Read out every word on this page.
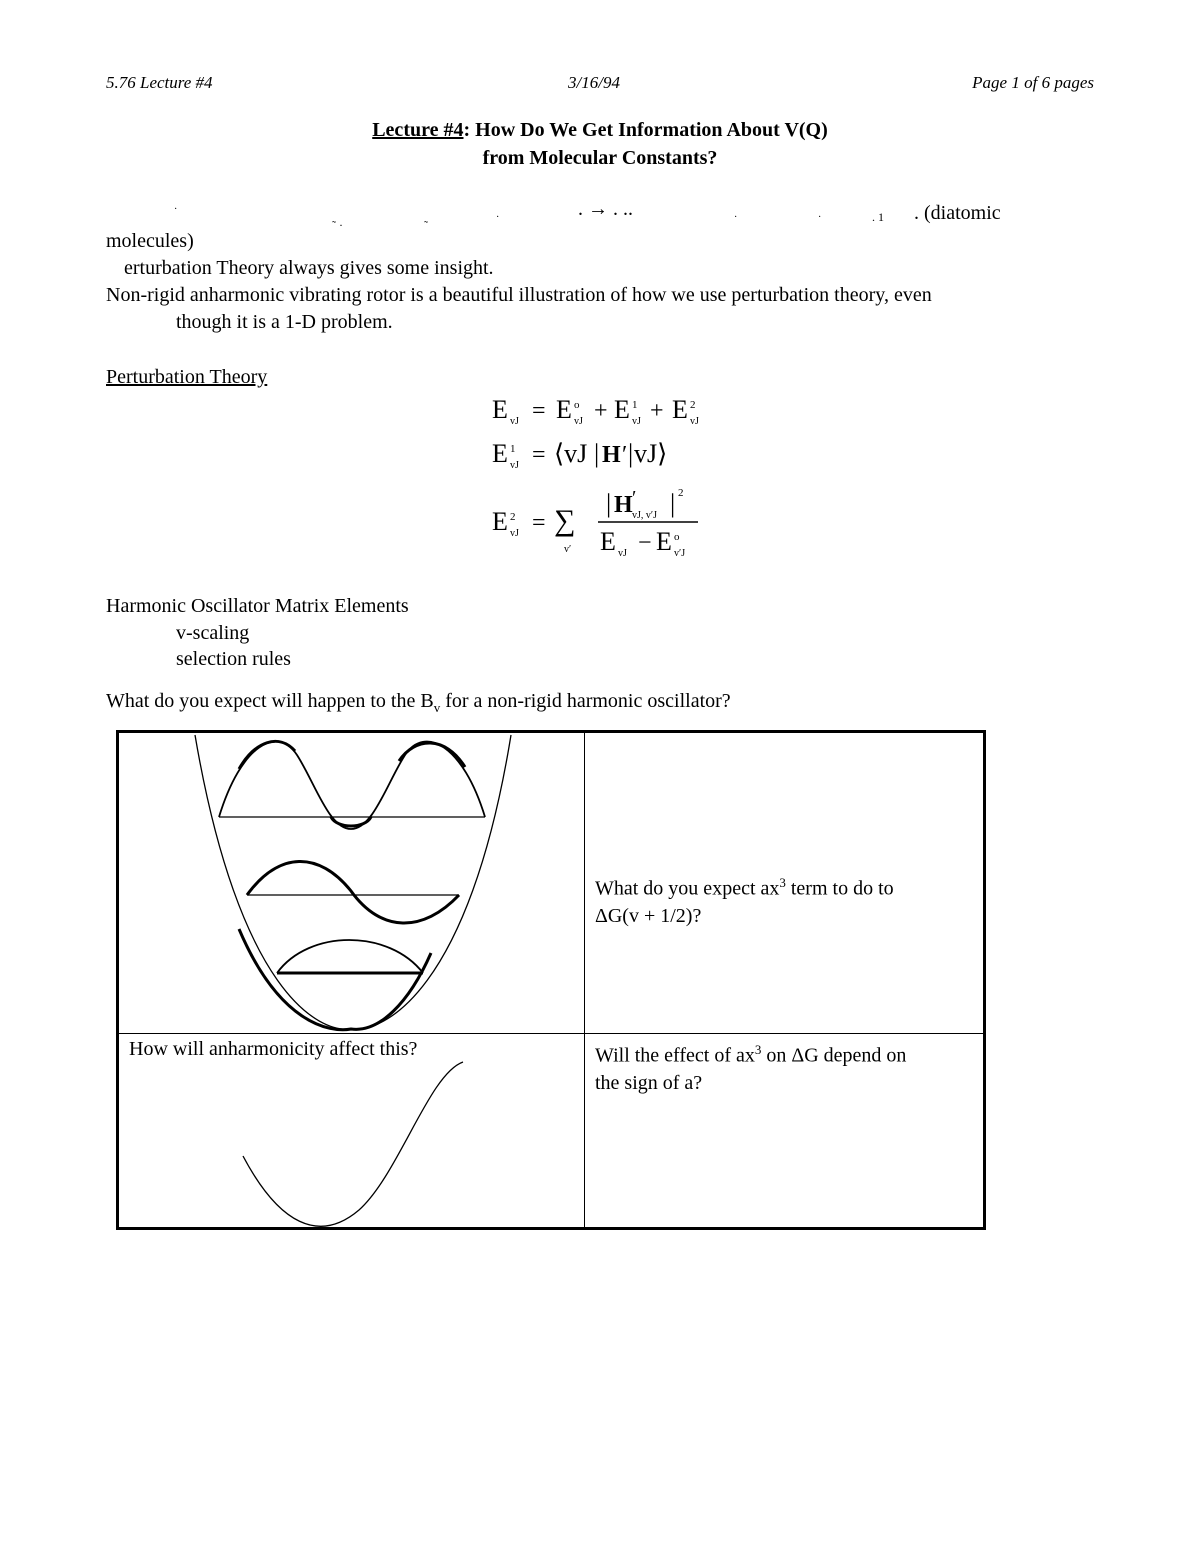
5.76 Lecture #4	3/16/94	Page 1 of 6 pages
Lecture #4: How Do We Get Information About V(Q)
from Molecular Constants?
·
˜ ·	˜
·	. → . ..	·	·	. 1 . (diatomic
molecules)
erturbation Theory always gives some insight.
Non-rigid anharmonic vibrating rotor is a beautiful illustration of how we use perturbation theory, even
though it is a 1-D problem.
Perturbation Theory
E vJ = E o
vJ + E 1
vJ + E 2
vJ
E 1
vJ = ⟨vJ | H ′ | vJ⟩
E 2
vJ = ∑
v′
| H ′
vJ, v′J | 2
E vJ − E o
v′J
Harmonic Oscillator Matrix Elements
v-scaling
selection rules
What do you expect will happen to the $B_v$ for a non-rigid harmonic oscillator?

What do you expect $ax^3$ term to do to
ΔG(v + 1/2)?

How will anharmonicity affect this?	Will the effect of $ax^3$ on ΔG depend on
the sign of a?
